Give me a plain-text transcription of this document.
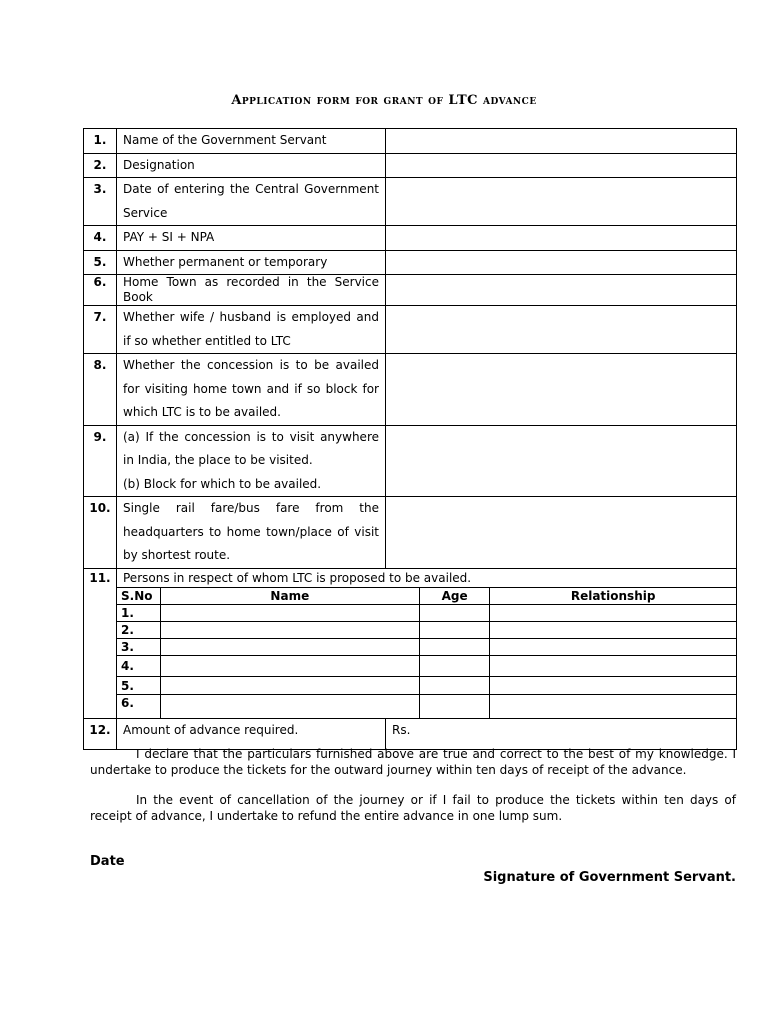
Application form for grant of LTC advance
1.	Name of the Government Servant	
2.	Designation	
3.	Date of entering the Central Government Service	
4.	PAY + SI + NPA	
5.	Whether permanent or temporary	
6.	Home Town as recorded in the Service Book	
7.	Whether wife / husband is employed and if so whether entitled to LTC	
8.	Whether the concession is to be availed for visiting home town and if so block for which LTC is to be availed.	
9.	(a) If the concession is to visit anywhere in India, the place to be visited.
(b) Block for which to be availed.

10.	Single rail fare/bus fare from the headquarters to home town/place of visit by shortest route.	
11.	Persons in respect of whom LTC is proposed to be availed.
S.No	Name	Age	Relationship
1.			
2.			
3.			
4.			
5.			
6.			

12.	Amount of advance required.	Rs.
I declare that the particulars furnished above are true and correct to the best of my knowledge. I undertake to produce the tickets for the outward journey within ten days of receipt of the advance.
In the event of cancellation of the journey or if I fail to produce the tickets within ten days of receipt of advance, I undertake to refund the entire advance in one lump sum.
Date
Signature of Government Servant.
